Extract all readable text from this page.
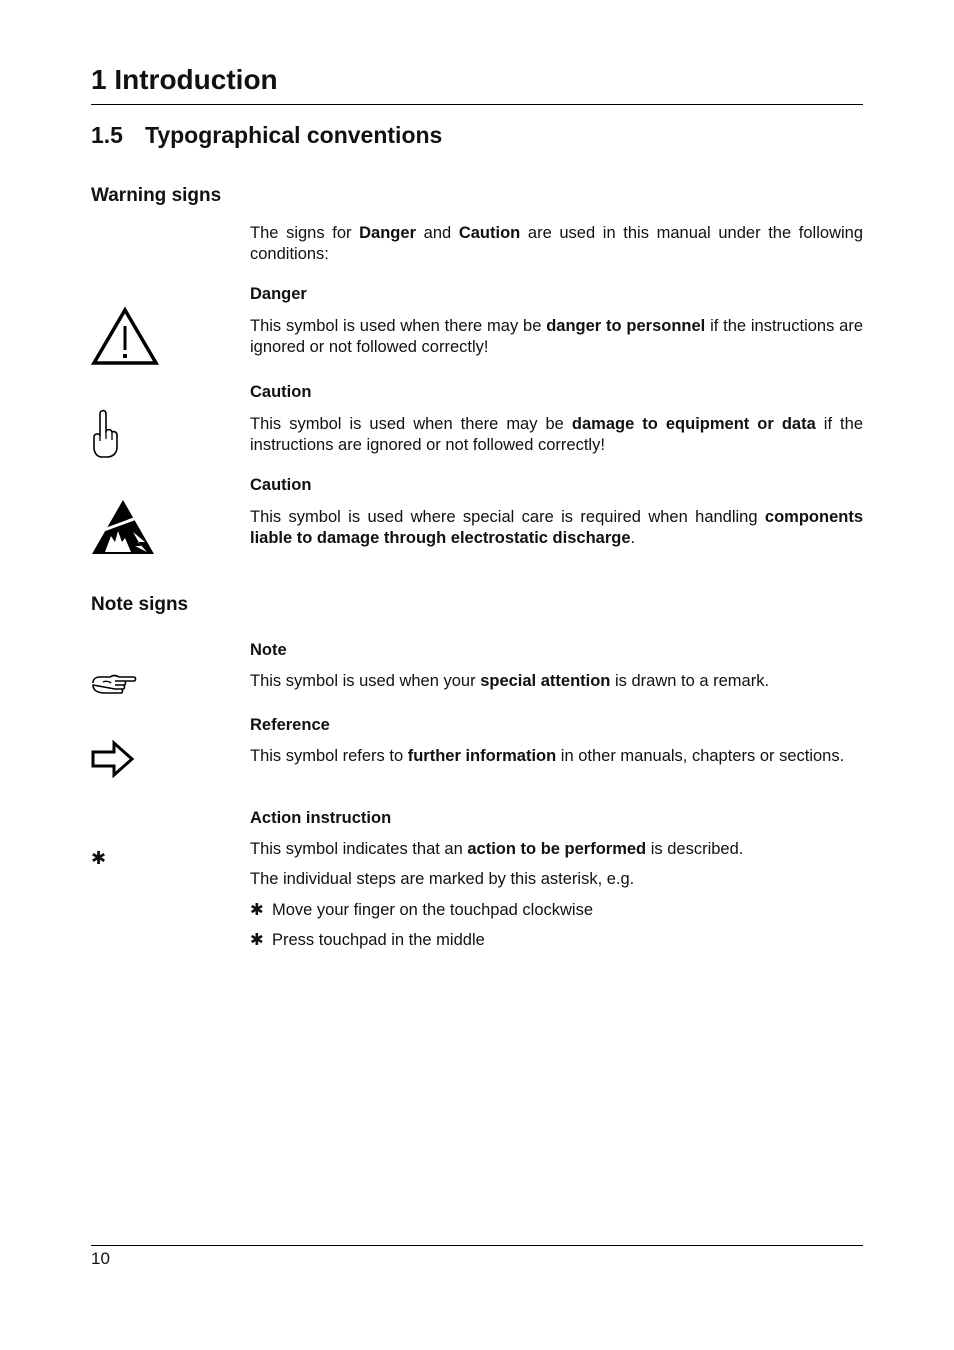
1 Introduction
1.5 Typographical conventions
Warning signs

The signs for Danger and Caution are used in this manual under the following conditions:

Danger

This symbol is used when there may be danger to personnel if the instructions are ignored or not followed correctly!

Caution

This symbol is used when there may be damage to equipment or data if the instructions are ignored or not followed correctly!

Caution

This symbol is used where special care is required when handling components liable to damage through electrostatic discharge.

Note signs

Note

This symbol is used when your special attention is drawn to a remark.

Reference

This symbol refers to further information in other manuals, chapters or sections.

Action instruction

✱	This symbol indicates that an action to be performed is described.

The individual steps are marked by this asterisk, e.g.

✱ Move your finger on the touchpad clockwise

✱ Press touchpad in the middle

10
